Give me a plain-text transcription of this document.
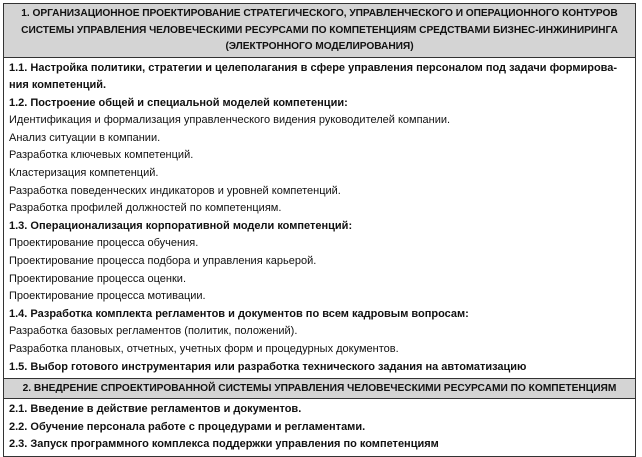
1. ОРГАНИЗАЦИОННОЕ ПРОЕКТИРОВАНИЕ СТРАТЕГИЧЕСКОГО, УПРАВЛЕНЧЕСКОГО И ОПЕРАЦИОННОГО КОНТУРОВ СИСТЕМЫ УПРАВЛЕНИЯ ЧЕЛОВЕЧЕСКИМИ РЕСУРСАМИ ПО КОМПЕТЕНЦИЯМ СРЕДСТВАМИ БИЗНЕС-ИНЖИНИРИНГА (ЭЛЕКТРОННОГО МОДЕЛИРОВАНИЯ)

1.1. Настройка политики, стратегии и целеполагания в сфере управления персоналом под задачи формирова-
ния компетенций.
1.2. Построение общей и специальной моделей компетенции:
Идентификация и формализация управленческого видения руководителей компании.
Анализ ситуации в компании.
Разработка ключевых компетенций.
Кластеризация компетенций.
Разработка поведенческих индикаторов и уровней компетенций.
Разработка профилей должностей по компетенциям.
1.3. Операционализация корпоративной модели компетенций:
Проектирование процесса обучения.
Проектирование процесса подбора и управления карьерой.
Проектирование процесса оценки.
Проектирование процесса мотивации.
1.4. Разработка комплекта регламентов и документов по всем кадровым вопросам:
Разработка базовых регламентов (политик, положений).
Разработка плановых, отчетных, учетных форм и процедурных документов.
1.5. Выбор готового инструментария или разработка технического задания на автоматизацию

2. ВНЕДРЕНИЕ СПРОЕКТИРОВАННОЙ СИСТЕМЫ УПРАВЛЕНИЯ ЧЕЛОВЕЧЕСКИМИ РЕСУРСАМИ ПО КОМПЕТЕНЦИЯМ

2.1. Введение в действие регламентов и документов.
2.2. Обучение персонала работе с процедурами и регламентами.
2.3. Запуск программного комплекса поддержки управления по компетенциям
